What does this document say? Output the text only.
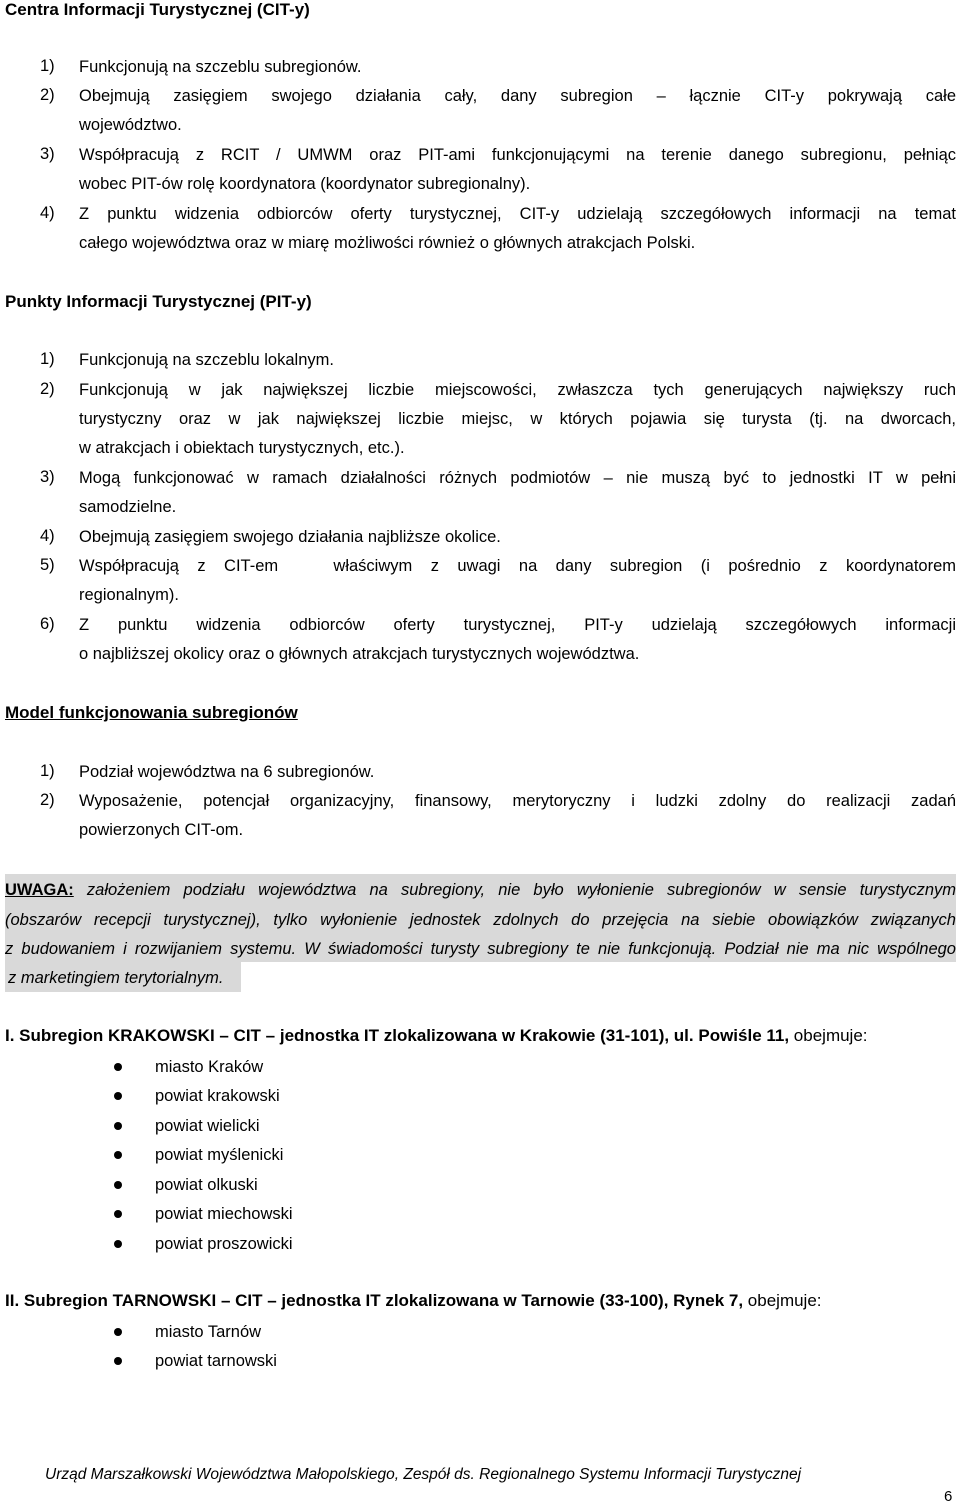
Centra Informacji Turystycznej (CIT-y)
1) Funkcjonują na szczeblu subregionów.
2) Obejmują zasięgiem swojego działania cały, dany subregion – łącznie CIT-y pokrywają całe
województwo.
3) Współpracują z RCIT / UMWM oraz PIT-ami funkcjonującymi na terenie danego subregionu, pełniąc
wobec PIT-ów rolę koordynatora (koordynator subregionalny).
4) Z punktu widzenia odbiorców oferty turystycznej, CIT-y udzielają szczegółowych informacji na temat
całego województwa oraz w miarę możliwości również o głównych atrakcjach Polski.
Punkty Informacji Turystycznej (PIT-y)
1) Funkcjonują na szczeblu lokalnym.
2) Funkcjonują w jak największej liczbie miejscowości, zwłaszcza tych generujących największy ruch
turystyczny oraz w jak największej liczbie miejsc, w których pojawia się turysta (tj. na dworcach,
w atrakcjach i obiektach turystycznych, etc.).
3) Mogą funkcjonować w ramach działalności różnych podmiotów – nie muszą być to jednostki IT w pełni
samodzielne.
4) Obejmują zasięgiem swojego działania najbliższe okolice.
5) Współpracują z CIT-em   właściwym z uwagi na dany subregion (i pośrednio z koordynatorem
regionalnym).
6) Z punktu widzenia odbiorców oferty turystycznej, PIT-y udzielają szczegółowych informacji
o najbliższej okolicy oraz o głównych atrakcjach turystycznych województwa.
Model funkcjonowania subregionów
1) Podział województwa na 6 subregionów.
2) Wyposażenie, potencjał organizacyjny, finansowy, merytoryczny i ludzki zdolny do realizacji zadań
powierzonych CIT-om.
UWAGA: założeniem podziału województwa na subregiony, nie było wyłonienie subregionów w sensie turystycznym
(obszarów recepcji turystycznej), tylko wyłonienie jednostek zdolnych do przejęcia na siebie obowiązków związanych
z budowaniem i rozwijaniem systemu. W świadomości turysty subregiony te nie funkcjonują. Podział nie ma nic wspólnego
z marketingiem terytorialnym.
I. Subregion KRAKOWSKI – CIT – jednostka IT zlokalizowana w Krakowie (31-101), ul. Powiśle 11, obejmuje:
miasto Kraków
powiat krakowski
powiat wielicki
powiat myślenicki
powiat olkuski
powiat miechowski
powiat proszowicki
II. Subregion TARNOWSKI – CIT – jednostka IT zlokalizowana w Tarnowie (33-100), Rynek 7, obejmuje:
miasto Tarnów
powiat tarnowski
Urząd Marszałkowski Województwa Małopolskiego, Zespół ds. Regionalnego Systemu Informacji Turystycznej
6
